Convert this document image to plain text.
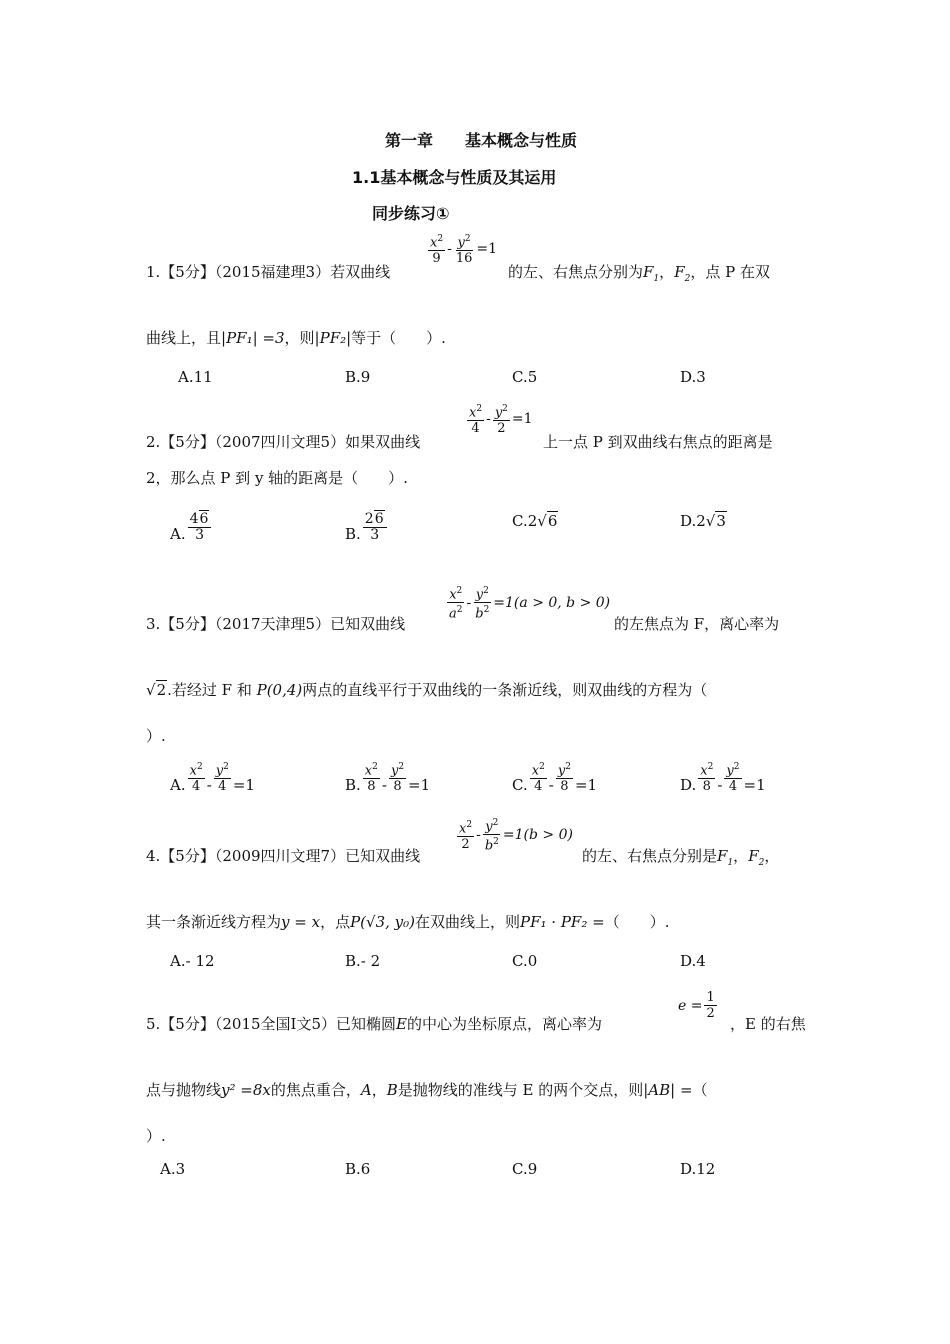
第一章　　基本概念与性质
1.1基本概念与性质及其运用
同步练习①
1.【5分】（2015福建理3）若双曲线
$\frac{x^2}{9} - \frac{y^2}{16} =1$
的左、右焦点分别为$F_1$，$F_2$，点 P 在双
曲线上，且|PF₁| =3，则|PF₂|等于（　　）.
A.11	B.9	C.5	D.3
2.【5分】（2007四川文理5）如果双曲线
$\frac{x^2}{4} - \frac{y^2}{2} =1$
上一点 P 到双曲线右焦点的距离是
2，那么点 P 到 y 轴的距离是（　　）.
A. $\frac{46}{3}$	B. $\frac{26}{3}$	C. 2√6	D. 2√3
3.【5分】（2017天津理5）已知双曲线
$\frac{x^2}{a^2} - \frac{y^2}{b^2} =1(a > 0$, b > 0)
的左焦点为 F，离心率为
√2.若经过 F 和 P(0,4)两点的直线平行于双曲线的一条渐近线，则双曲线的方程为（
）.
A. $\frac{x^2}{4} - \frac{y^2}{4} =1$	B. $\frac{x^2}{8} - \frac{y^2}{8} =1$	C. $\frac{x^2}{4} - \frac{y^2}{8} =1$	D. $\frac{x^2}{8} - \frac{y^2}{4} =1$
4.【5分】（2009四川文理7）已知双曲线
$\frac{x^2}{2} - \frac{y^2}{b^2} =1(b > 0)$
的左、右焦点分别是$F_1$，$F_2$，
其一条渐近线方程为y = x，点P(√3, y₀)在双曲线上，则PF₁ · PF₂ =（　　）.
A. - 12	B. - 2	C.0	D.4
5.【5分】（2015全国Ⅰ文5）已知椭圆E的中心为坐标原点，离心率为
$e = \frac{1}{2}$
，E 的右焦
点与抛物线y² =8x的焦点重合，A，B是抛物线的准线与 E 的两个交点，则|AB| =（
）.
A.3	B.6	C.9	D.12
